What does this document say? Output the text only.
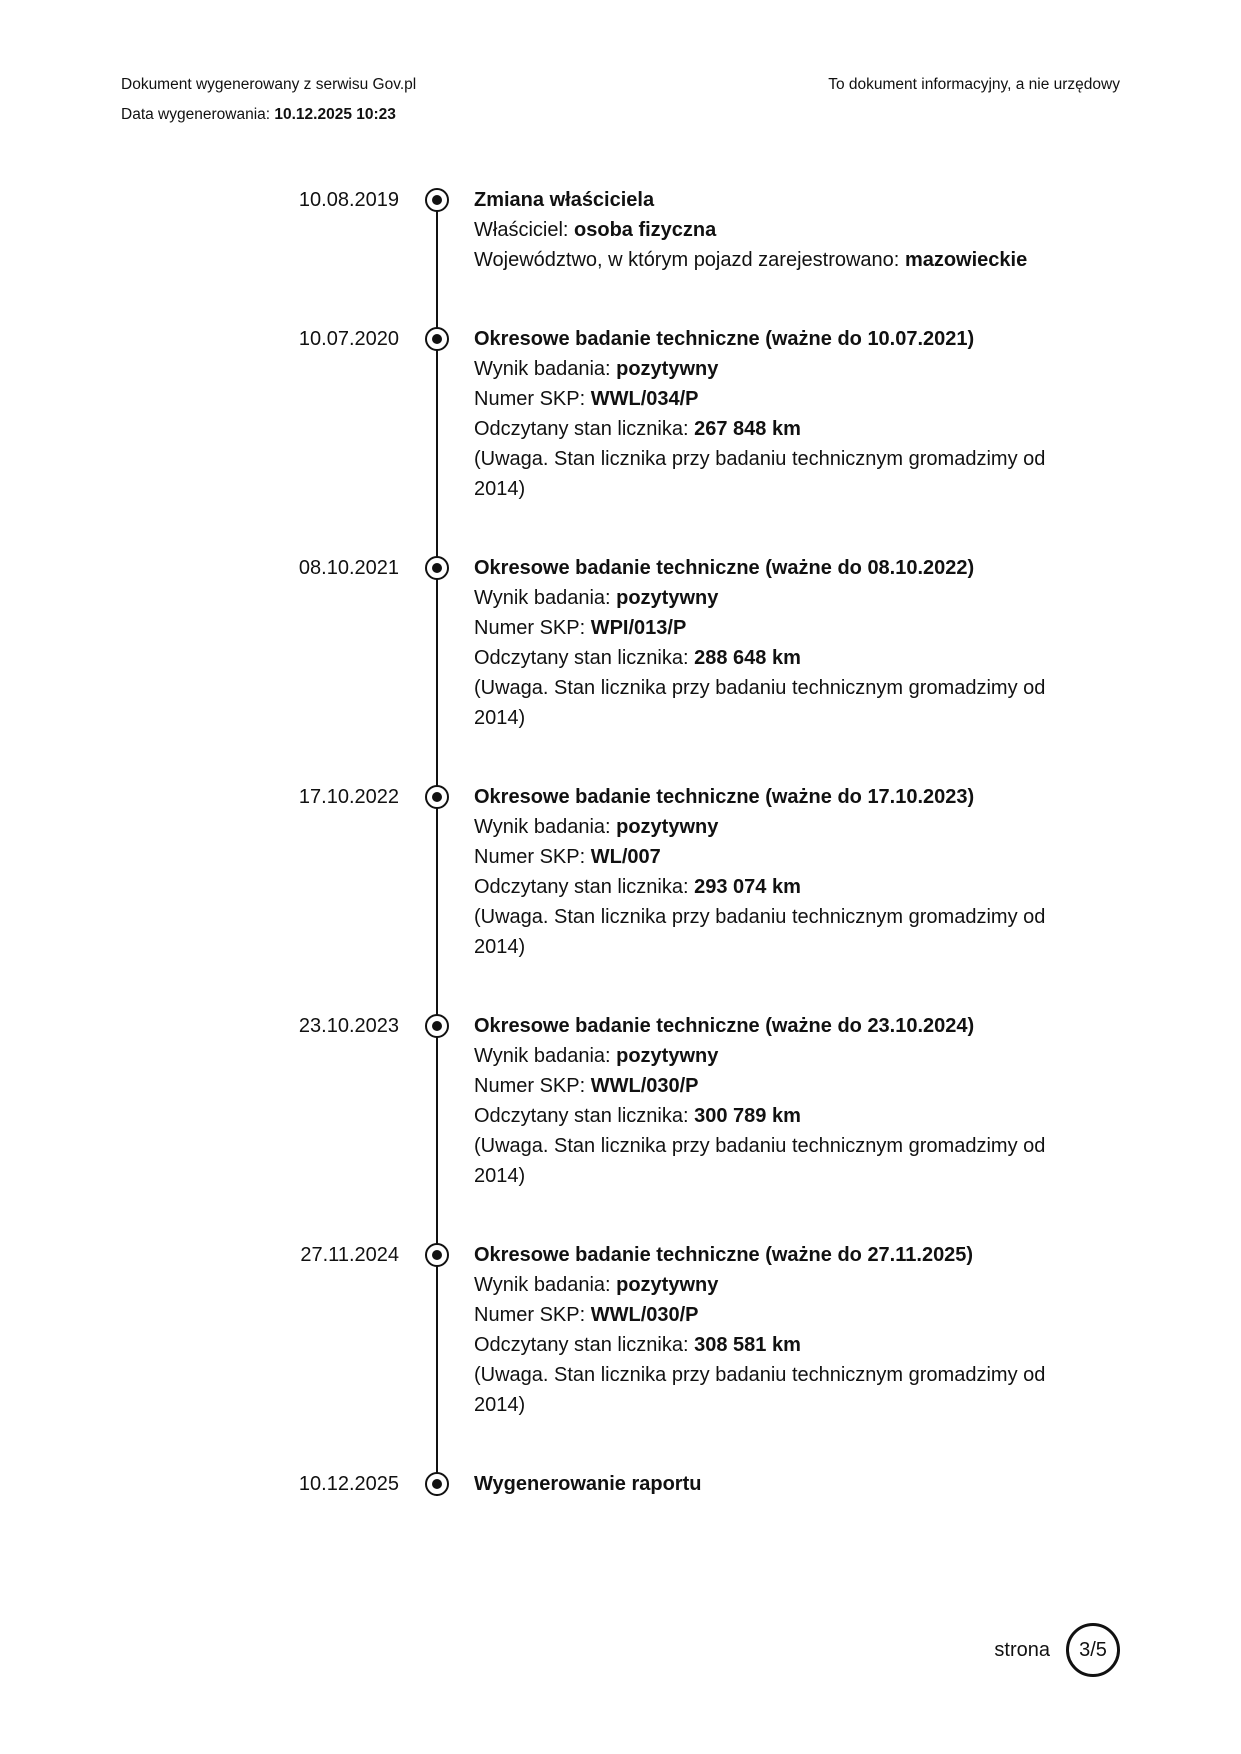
Dokument wygenerowany z serwisu Gov.pl
Data wygenerowania: 10.12.2025 10:23
To dokument informacyjny, a nie urzędowy
10.08.2019	Zmiana właściciela

Właściciel: osoba fizyczna

Województwo, w którym pojazd zarejestrowano: mazowieckie

10.07.2020	Okresowe badanie techniczne (ważne do 10.07.2021)

Wynik badania: pozytywny

Numer SKP: WWL/034/P

Odczytany stan licznika: 267 848 km

(Uwaga. Stan licznika przy badaniu technicznym gromadzimy od 2014)

08.10.2021	Okresowe badanie techniczne (ważne do 08.10.2022)

Wynik badania: pozytywny

Numer SKP: WPI/013/P

Odczytany stan licznika: 288 648 km

(Uwaga. Stan licznika przy badaniu technicznym gromadzimy od 2014)

17.10.2022	Okresowe badanie techniczne (ważne do 17.10.2023)

Wynik badania: pozytywny

Numer SKP: WL/007

Odczytany stan licznika: 293 074 km

(Uwaga. Stan licznika przy badaniu technicznym gromadzimy od 2014)

23.10.2023	Okresowe badanie techniczne (ważne do 23.10.2024)

Wynik badania: pozytywny

Numer SKP: WWL/030/P

Odczytany stan licznika: 300 789 km

(Uwaga. Stan licznika przy badaniu technicznym gromadzimy od 2014)

27.11.2024	Okresowe badanie techniczne (ważne do 27.11.2025)

Wynik badania: pozytywny

Numer SKP: WWL/030/P

Odczytany stan licznika: 308 581 km

(Uwaga. Stan licznika przy badaniu technicznym gromadzimy od 2014)

10.12.2025	Wygenerowanie raportu

strona 3/5
